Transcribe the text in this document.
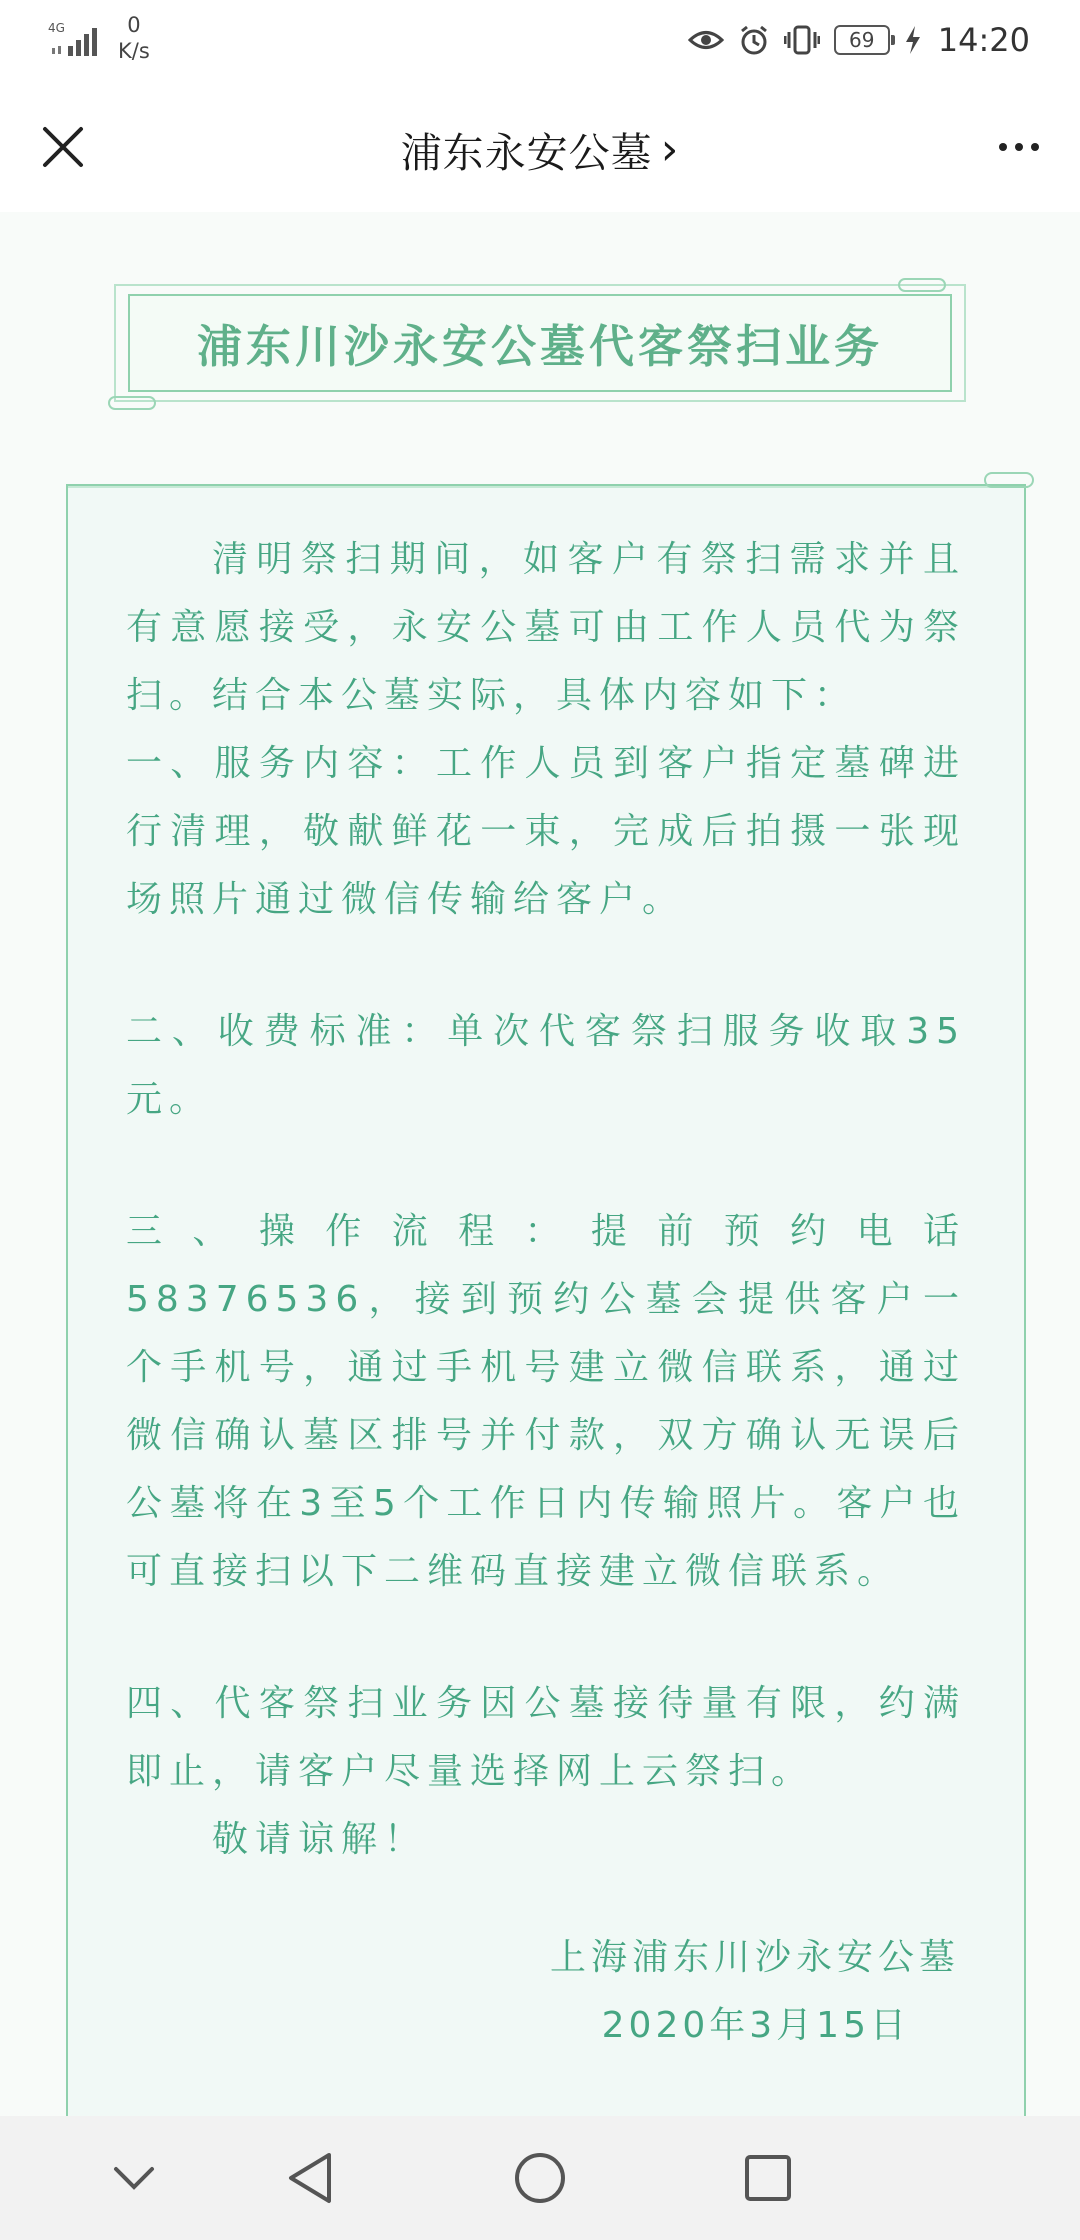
4G	0
K/s	69	14:20
浦东永安公墓 ›
浦东川沙永安公墓代客祭扫业务

清明祭扫期间，如客户有祭扫需求并且有意愿接受，永安公墓可由工作人员代为祭扫。结合本公墓实际，具体内容如下：

一、服务内容：工作人员到客户指定墓碑进行清理，敬献鲜花一束，完成后拍摄一张现场照片通过微信传输给客户。

二、收费标准：单次代客祭扫服务收取35元。

三、操作流程：提前预约电话58376536，接到预约公墓会提供客户一个手机号，通过手机号建立微信联系，通过微信确认墓区排号并付款，双方确认无误后公墓将在3至5个工作日内传输照片。客户也可直接扫以下二维码直接建立微信联系。

四、代客祭扫业务因公墓接待量有限，约满即止，请客户尽量选择网上云祭扫。

敬请谅解！

上海浦东川沙永安公墓

2020年3月15日
